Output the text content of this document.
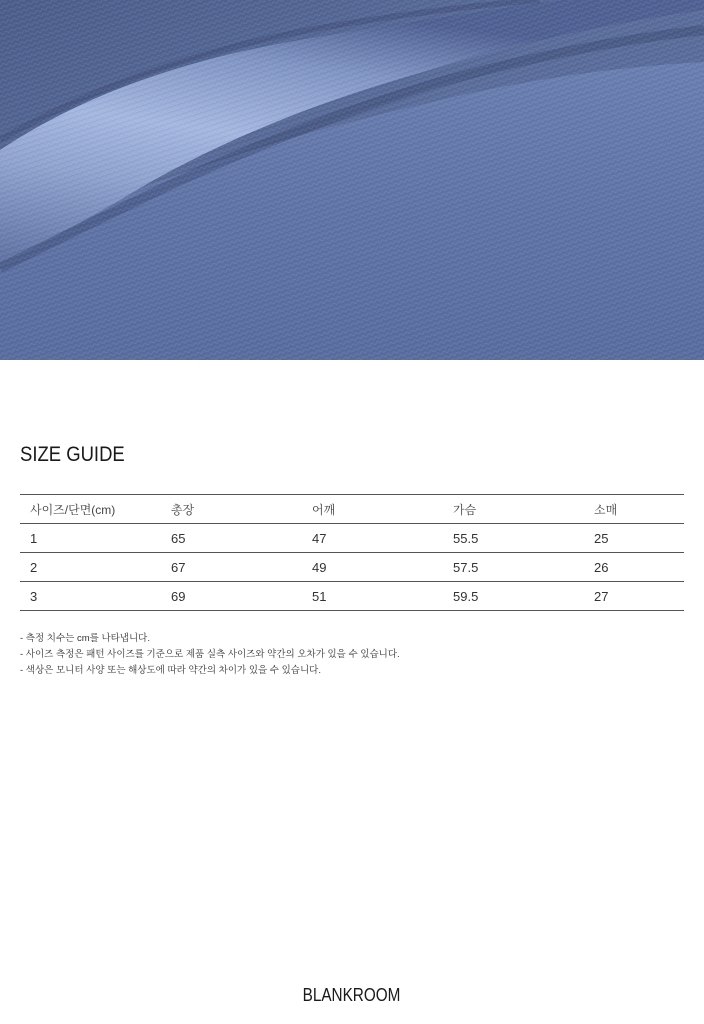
SIZE GUIDE
사이즈/단면(cm)	총장	어깨	가슴	소매
1	65	47	55.5	25
2	67	49	57.5	26
3	69	51	59.5	27
- 측정 치수는 cm를 나타냅니다.
- 사이즈 측정은 패턴 사이즈를 기준으로 제품 실측 사이즈와 약간의 오차가 있을 수 있습니다.
- 색상은 모니터 사양 또는 해상도에 따라 약간의 차이가 있을 수 있습니다.
BLANKROOM
